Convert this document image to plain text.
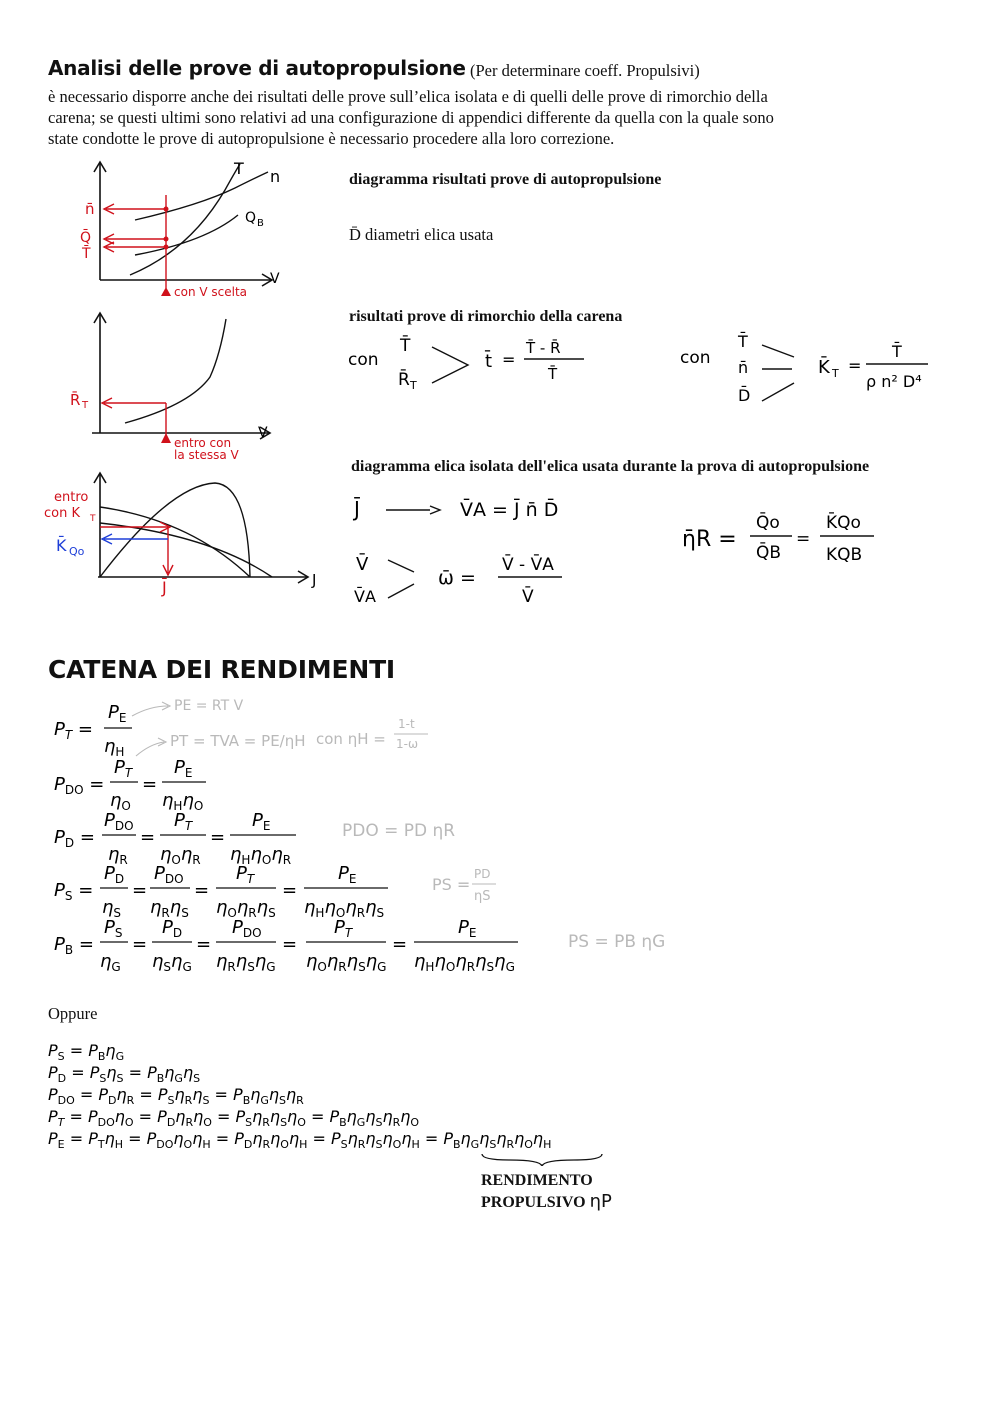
Analisi delle prove di autopropulsione (Per determinare coeff. Propulsivi)
è necessario disporre anche dei risultati delle prove sull’elica isolata e di quelli delle prove di rimorchio della
carena; se questi ultimi sono relativi ad una configurazione di appendici differente da quella con la quale sono
state condotte le prove di autopropulsione è necessario procedere alla loro correzione.
diagramma risultati prove di autopropulsione
D̄ diametri elica usata
risultati prove di rimorchio della carena
diagramma elica isolata dell'elica usata durante la prova di autopropulsione
T n
Q B
V
n̄
Q̄
T̄
con V scelta
V
R̄ T
entro con
la stessa V
con
T̄
R̄ T
t̄ =
T̄ - R̄
T̄
con
T̄
n̄
D̄
K̄ T =
T̄
ρ n² D⁴
entro
con K T
K̄ Qo
J̄	J
J̄	V̄A = J̄ n̄ D̄
V̄
V̄A
ω̄ =
V̄ - V̄A
V̄
η̄R =
Q̄o
Q̄B
=
K̄Qo
KQB
CATENA DEI RENDIMENTI
$P_T$ =
$P_E$
$\eta_H$
$P_{DO}$ =
$P_T$
$\eta_O$
=
$P_E$
$\eta_H\eta_O$
$P_D$ =
$P_{DO}$
$\eta_R$
=
$P_T$
$\eta_O\eta_R$
=
$P_E$
$\eta_H\eta_O\eta_R$
$P_S$ =
$P_D$
$\eta_S$
=
$P_{DO}$
$\eta_R\eta_S$
=
$P_T$
$\eta_O\eta_R\eta_S$
=
$P_E$
$\eta_H\eta_O\eta_R\eta_S$
$P_B$ =
$P_S$
$\eta_G$
=
$P_D$
$\eta_S\eta_G$
=
$P_{DO}$
$\eta_R\eta_S\eta_G$
=
$P_T$
$\eta_O\eta_R\eta_S\eta_G$
=
$P_E$
$\eta_H\eta_O\eta_R\eta_S\eta_G$
PE = RT V
PT = TVA = PE/ηH con ηH =
1-t
1-ω
PDO = PD ηR
PS =
PD
ηS
PS = PB ηG
Oppure
$P_S = P_B\eta_G$
$P_D = P_S\eta_S = P_B\eta_G\eta_S$
$P_{DO} = P_D\eta_R = P_S\eta_R\eta_S = P_B\eta_G\eta_S\eta_R$
$P_T = P_{DO}\eta_O = P_D\eta_R\eta_O = P_S\eta_R\eta_S\eta_O = P_B\eta_G\eta_S\eta_R\eta_O$
$P_E = P_T\eta_H = P_{DO}\eta_O\eta_H = P_D\eta_R\eta_O\eta_H = P_S\eta_R\eta_S\eta_O\eta_H = P_B\eta_G\eta_S\eta_R\eta_O\eta_H$
RENDIMENTO
PROPULSIVO ηP
